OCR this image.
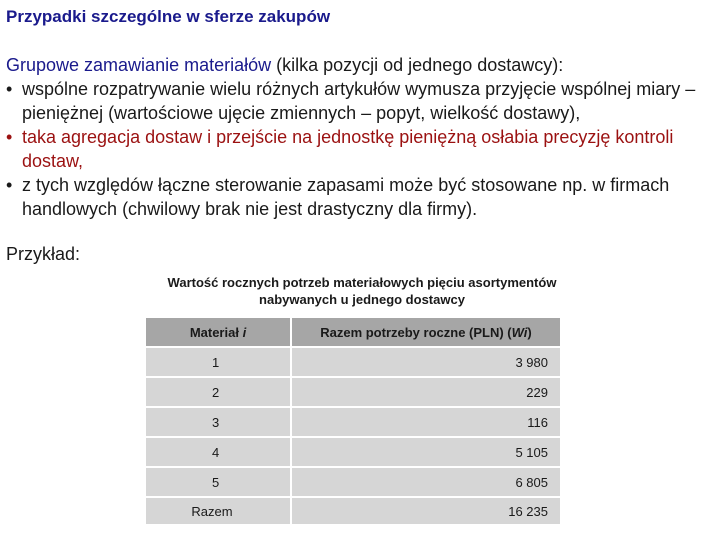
Przypadki szczególne w sferze zakupów
Grupowe zamawianie materiałów (kilka pozycji od jednego dostawcy):
• wspólne rozpatrywanie wielu różnych artykułów wymusza przyjęcie wspólnej miary – pieniężnej (wartościowe ujęcie zmiennych – popyt, wielkość dostawy),
• taka agregacja dostaw i przejście na jednostkę pieniężną osłabia precyzję kontroli dostaw,
• z tych względów łączne sterowanie zapasami może być stosowane np. w firmach handlowych (chwilowy brak nie jest drastyczny dla firmy).
Przykład:
Wartość rocznych potrzeb materiałowych pięciu asortymentów nabywanych u jednego dostawcy
Materiał i	Razem potrzeby roczne (PLN) (Wi)
1	3 980
2	229
3	116
4	5 105
5	6 805
Razem	16 235
